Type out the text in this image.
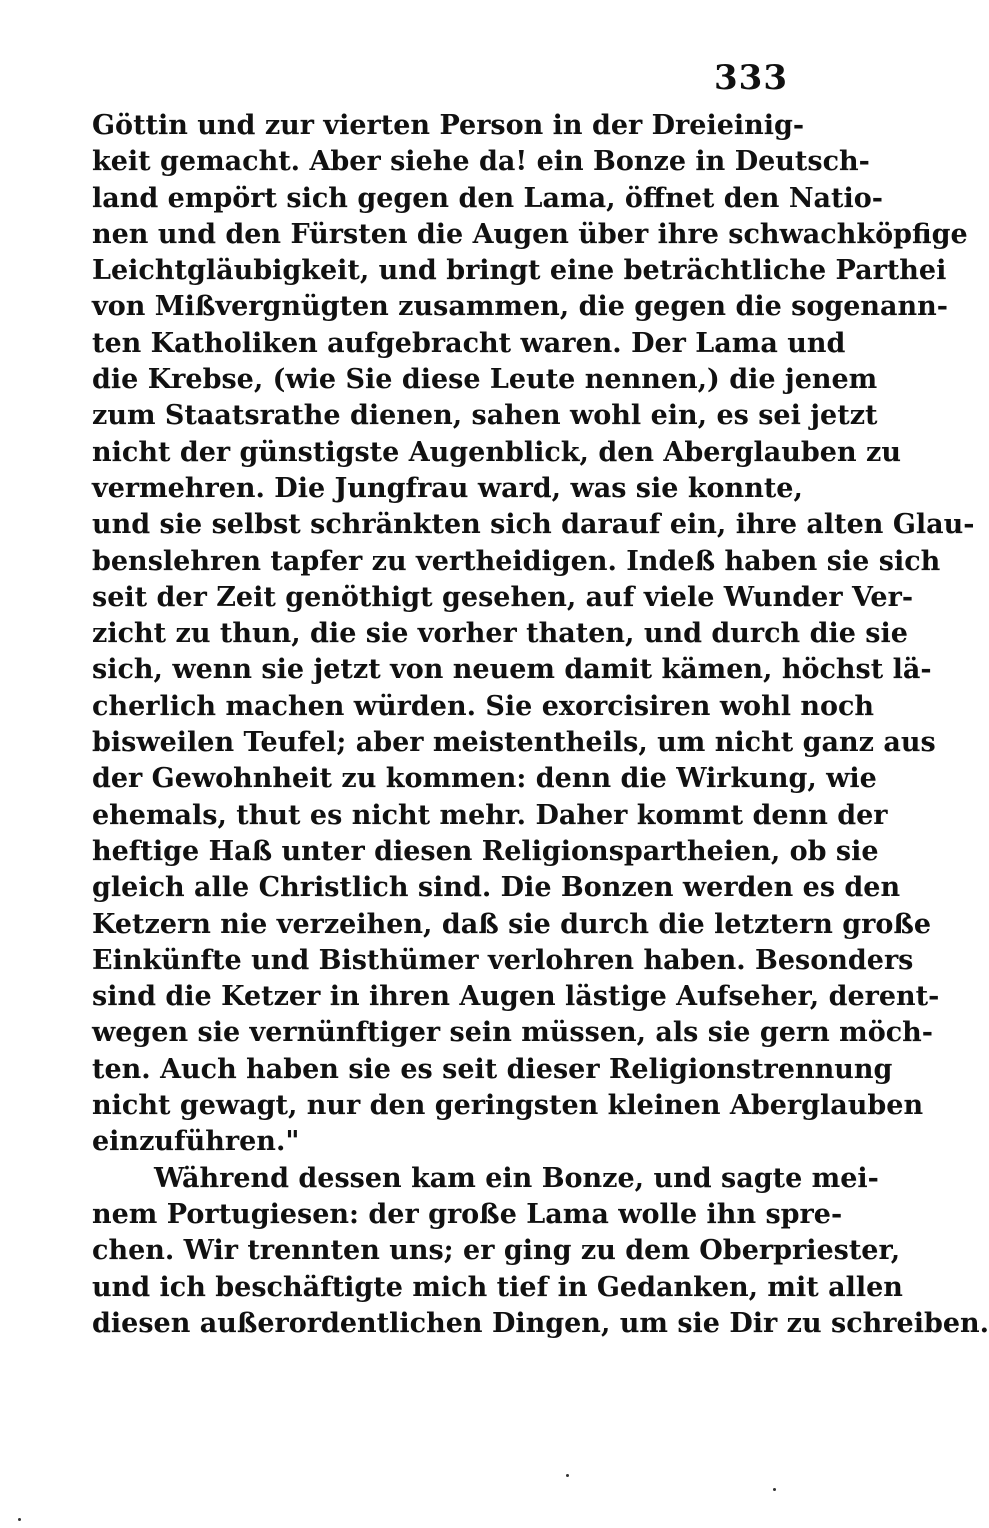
333
Göttin und zur vierten Person in der Dreieinig-
keit gemacht. Aber siehe da! ein Bonze in Deutsch-
land empört sich gegen den Lama, öffnet den Natio-
nen und den Fürsten die Augen über ihre schwachköpfige
Leichtgläubigkeit, und bringt eine beträchtliche Parthei
von Mißvergnügten zusammen, die gegen die sogenann-
ten Katholiken aufgebracht waren. Der Lama und
die Krebse, (wie Sie diese Leute nennen,) die jenem
zum Staatsrathe dienen, sahen wohl ein, es sei jetzt
nicht der günstigste Augenblick, den Aberglauben zu
vermehren. Die Jungfrau ward, was sie konnte,
und sie selbst schränkten sich darauf ein, ihre alten Glau-
benslehren tapfer zu vertheidigen. Indeß haben sie sich
seit der Zeit genöthigt gesehen, auf viele Wunder Ver-
zicht zu thun, die sie vorher thaten, und durch die sie
sich, wenn sie jetzt von neuem damit kämen, höchst lä-
cherlich machen würden. Sie exorcisiren wohl noch
bisweilen Teufel; aber meistentheils, um nicht ganz aus
der Gewohnheit zu kommen: denn die Wirkung, wie
ehemals, thut es nicht mehr. Daher kommt denn der
heftige Haß unter diesen Religionspartheien, ob sie
gleich alle Christlich sind. Die Bonzen werden es den
Ketzern nie verzeihen, daß sie durch die letztern große
Einkünfte und Bisthümer verlohren haben. Besonders
sind die Ketzer in ihren Augen lästige Aufseher, derent-
wegen sie vernünftiger sein müssen, als sie gern möch-
ten. Auch haben sie es seit dieser Religionstrennung
nicht gewagt, nur den geringsten kleinen Aberglauben
einzuführen."
Während dessen kam ein Bonze, und sagte mei-
nem Portugiesen: der große Lama wolle ihn spre-
chen. Wir trennten uns; er ging zu dem Oberpriester,
und ich beschäftigte mich tief in Gedanken, mit allen
diesen außerordentlichen Dingen, um sie Dir zu schreiben.
